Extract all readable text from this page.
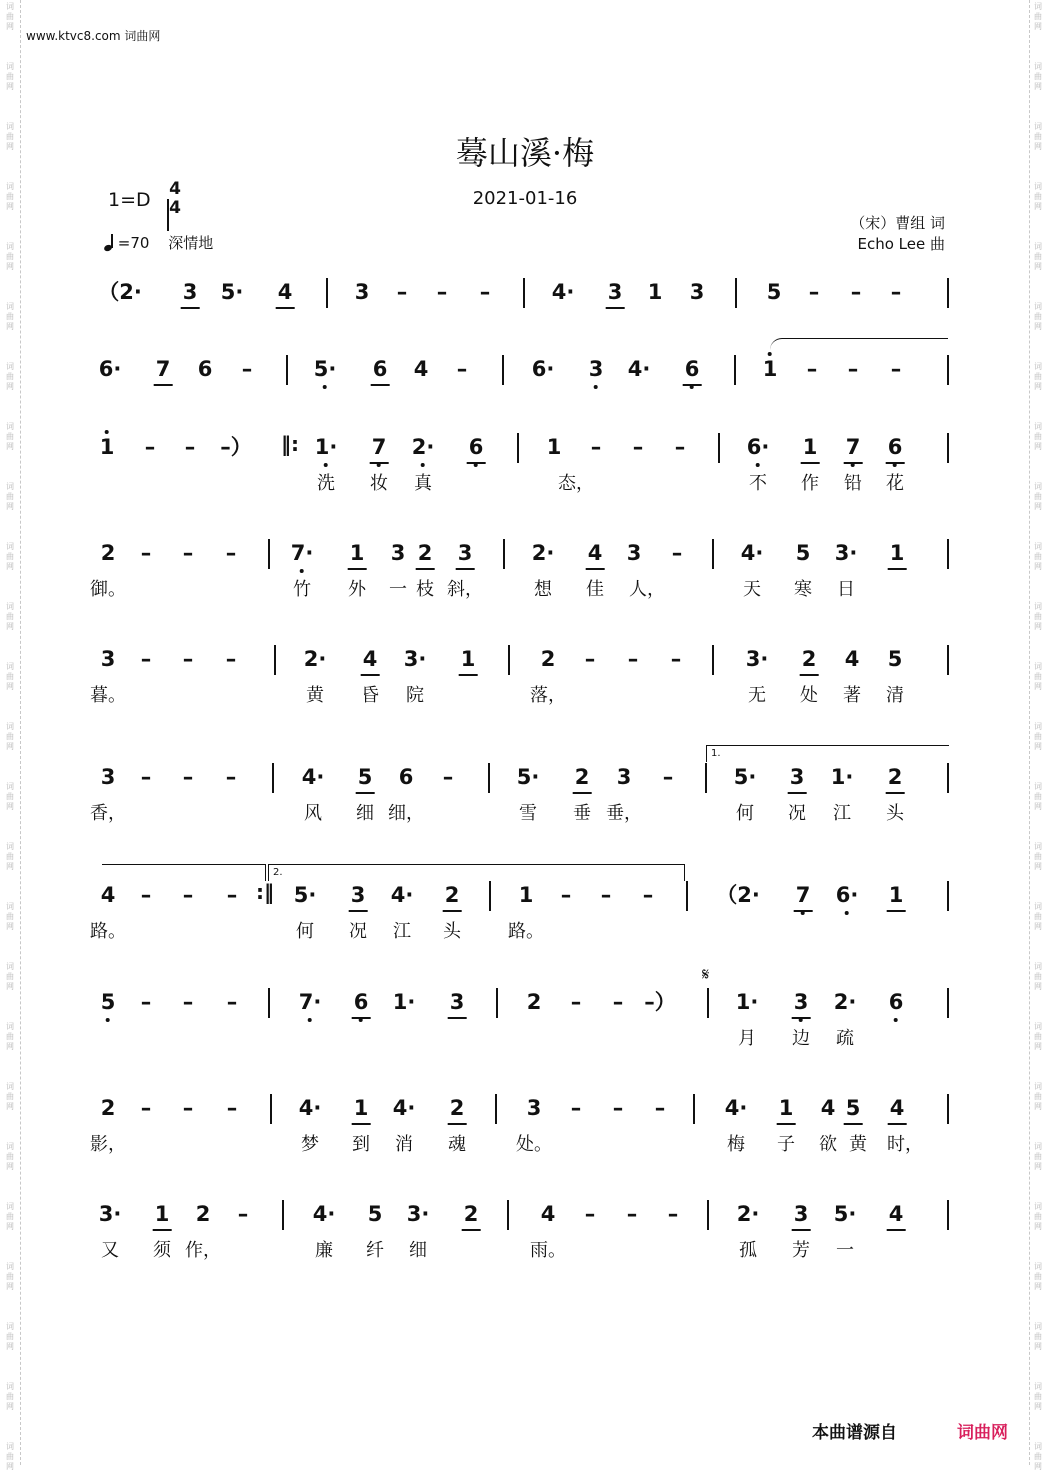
词
曲
网
词
曲
网
词
曲
网
词
曲
网
词
曲
网
词
曲
网
词
曲
网
词
曲
网
词
曲
网
词
曲
网
词
曲
网
词
曲
网
词
曲
网
词
曲
网
词
曲
网
词
曲
网
词
曲
网
词
曲
网
词
曲
网
词
曲
网
词
曲
网
词
曲
网
词
曲
网
词
曲
网
词
曲
网
词
曲
网
词
曲
网
词
曲
网
词
曲
网
词
曲
网
词
曲
网
词
曲
网
词
曲
网
词
曲
网
词
曲
网
词
曲
网
词
曲
网
词
曲
网
词
曲
网
词
曲
网
词
曲
网
词
曲
网
词
曲
网
词
曲
网
词
曲
网
词
曲
网
词
曲
网
词
曲
网
词
曲
网
词
曲
网
www.ktvc8.com 词曲网
蓦山溪·梅
2021-01-16
1=D 4
4
=70 深情地
（宋）曹组 词
Echo Lee 曲
（2· 3 5· 4	3 – – –	4· 3 1 3	5 – – –
6· 7 6 –	5· 6 4 –	6· 3 4· 6	1 – – –
1 – – –）	1· 7 2· 6	1 – – –	6· 1 7 6
洗 妆 真	态，	不 作 铅 花
2 – – –	7· 1 3 2 3	2· 4 3 –	4· 5 3· 1
御。	竹 外 一 枝 斜，	想 佳 人，	天 寒 日
3 – – –	2· 4 3· 1	2 – – –	3· 2 4 5
暮。	黄 昏 院	落，	无 处 著 清
3 – – –	4· 5 6 –	5· 2 3 –	5· 3 1· 2
香，	风 细 细，	雪 垂 垂，	何 况 江 头
4 – – –	5· 3 4· 2	1 – – –	（2· 7 6· 1
路。	何 况 江 头	路。
5 – – –	7· 6 1· 3	2 – – –）	1· 3 2· 6
月 边 疏
2 – – –	4· 1 4· 2	3 – – –	4· 1 4 5 4
影，	梦 到 消 魂	处。	梅 子 欲 黄 时，
3· 1 2 –	4· 5 3· 2	4 – – –	2· 3 5· 4
又 须 作，	廉 纤 细	雨。	孤 芳 一
‖:
:‖
𝄋
1.
2.
本曲谱源自	词曲网
